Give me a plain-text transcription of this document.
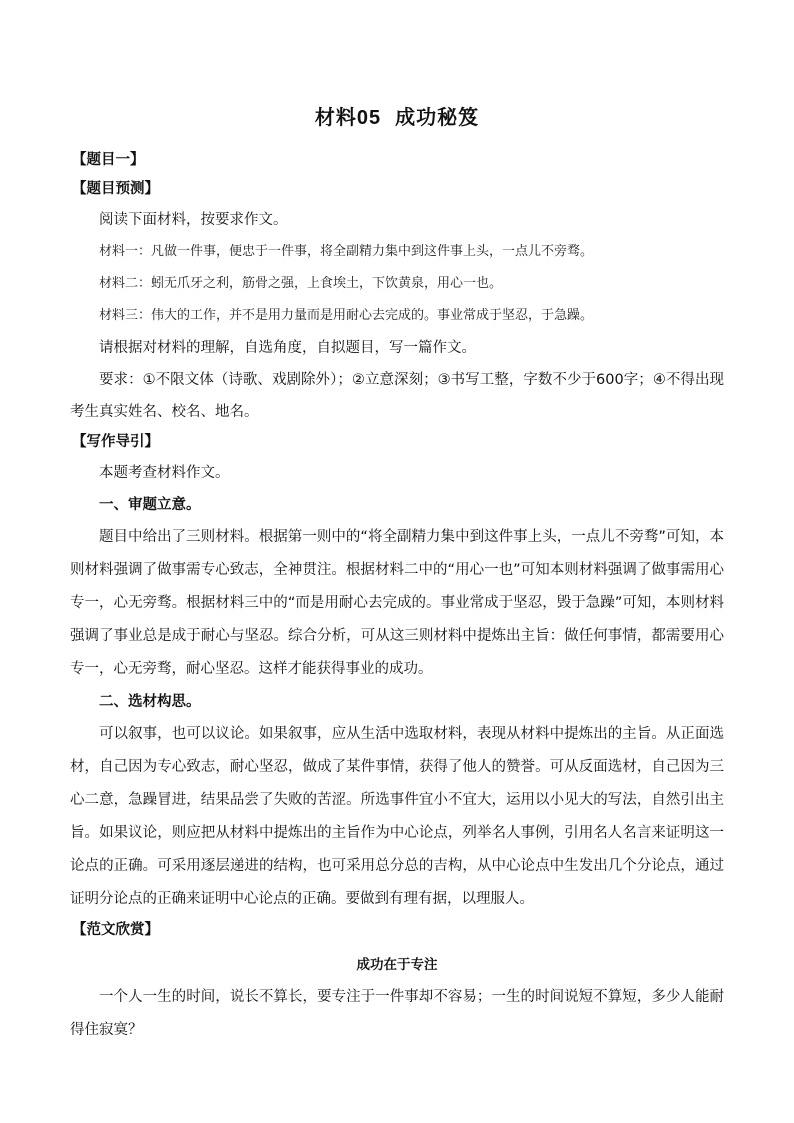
材料05 成功秘笈
【题目一】
【题目预测】

阅读下面材料，按要求作文。

材料一：凡做一件事，便忠于一件事，将全副精力集中到这件事上头，一点儿不旁骛。

材料二：蚓无爪牙之利，筋骨之强，上食埃土，下饮黄泉，用心一也。

材料三：伟大的工作，并不是用力量而是用耐心去完成的。事业常成于坚忍，于急躁。

请根据对材料的理解，自选角度，自拟题目，写一篇作文。

要求：①不限文体（诗歌、戏剧除外）；②立意深刻；③书写工整，字数不少于600字；④不得出现考生真实姓名、校名、地名。

【写作导引】

本题考查材料作文。

一、审题立意。

题目中给出了三则材料。根据第一则中的“将全副精力集中到这件事上头，一点儿不旁骛”可知，本则材料强调了做事需专心致志，全神贯注。根据材料二中的“用心一也”可知本则材料强调了做事需用心专一，心无旁骛。根据材料三中的“而是用耐心去完成的。事业常成于坚忍，毁于急躁”可知，本则材料强调了事业总是成于耐心与坚忍。综合分析，可从这三则材料中提炼出主旨：做任何事情，都需要用心专一，心无旁骛，耐心坚忍。这样才能获得事业的成功。

二、选材构思。

可以叙事，也可以议论。如果叙事，应从生活中选取材料，表现从材料中提炼出的主旨。从正面选材，自己因为专心致志，耐心坚忍，做成了某件事情，获得了他人的赞誉。可从反面选材，自己因为三心二意，急躁冒进，结果品尝了失败的苦涩。所选事件宜小不宜大，运用以小见大的写法，自然引出主旨。如果议论，则应把从材料中提炼出的主旨作为中心论点，列举名人事例，引用名人名言来证明这一论点的正确。可采用逐层递进的结构，也可采用总分总的吉构，从中心论点中生发出几个分论点，通过证明分论点的正确来证明中心论点的正确。要做到有理有据，以理服人。

【范文欣赏】
成功在于专注

一个人一生的时间，说长不算长，要专注于一件事却不容易；一生的时间说短不算短，多少人能耐得住寂寞？
